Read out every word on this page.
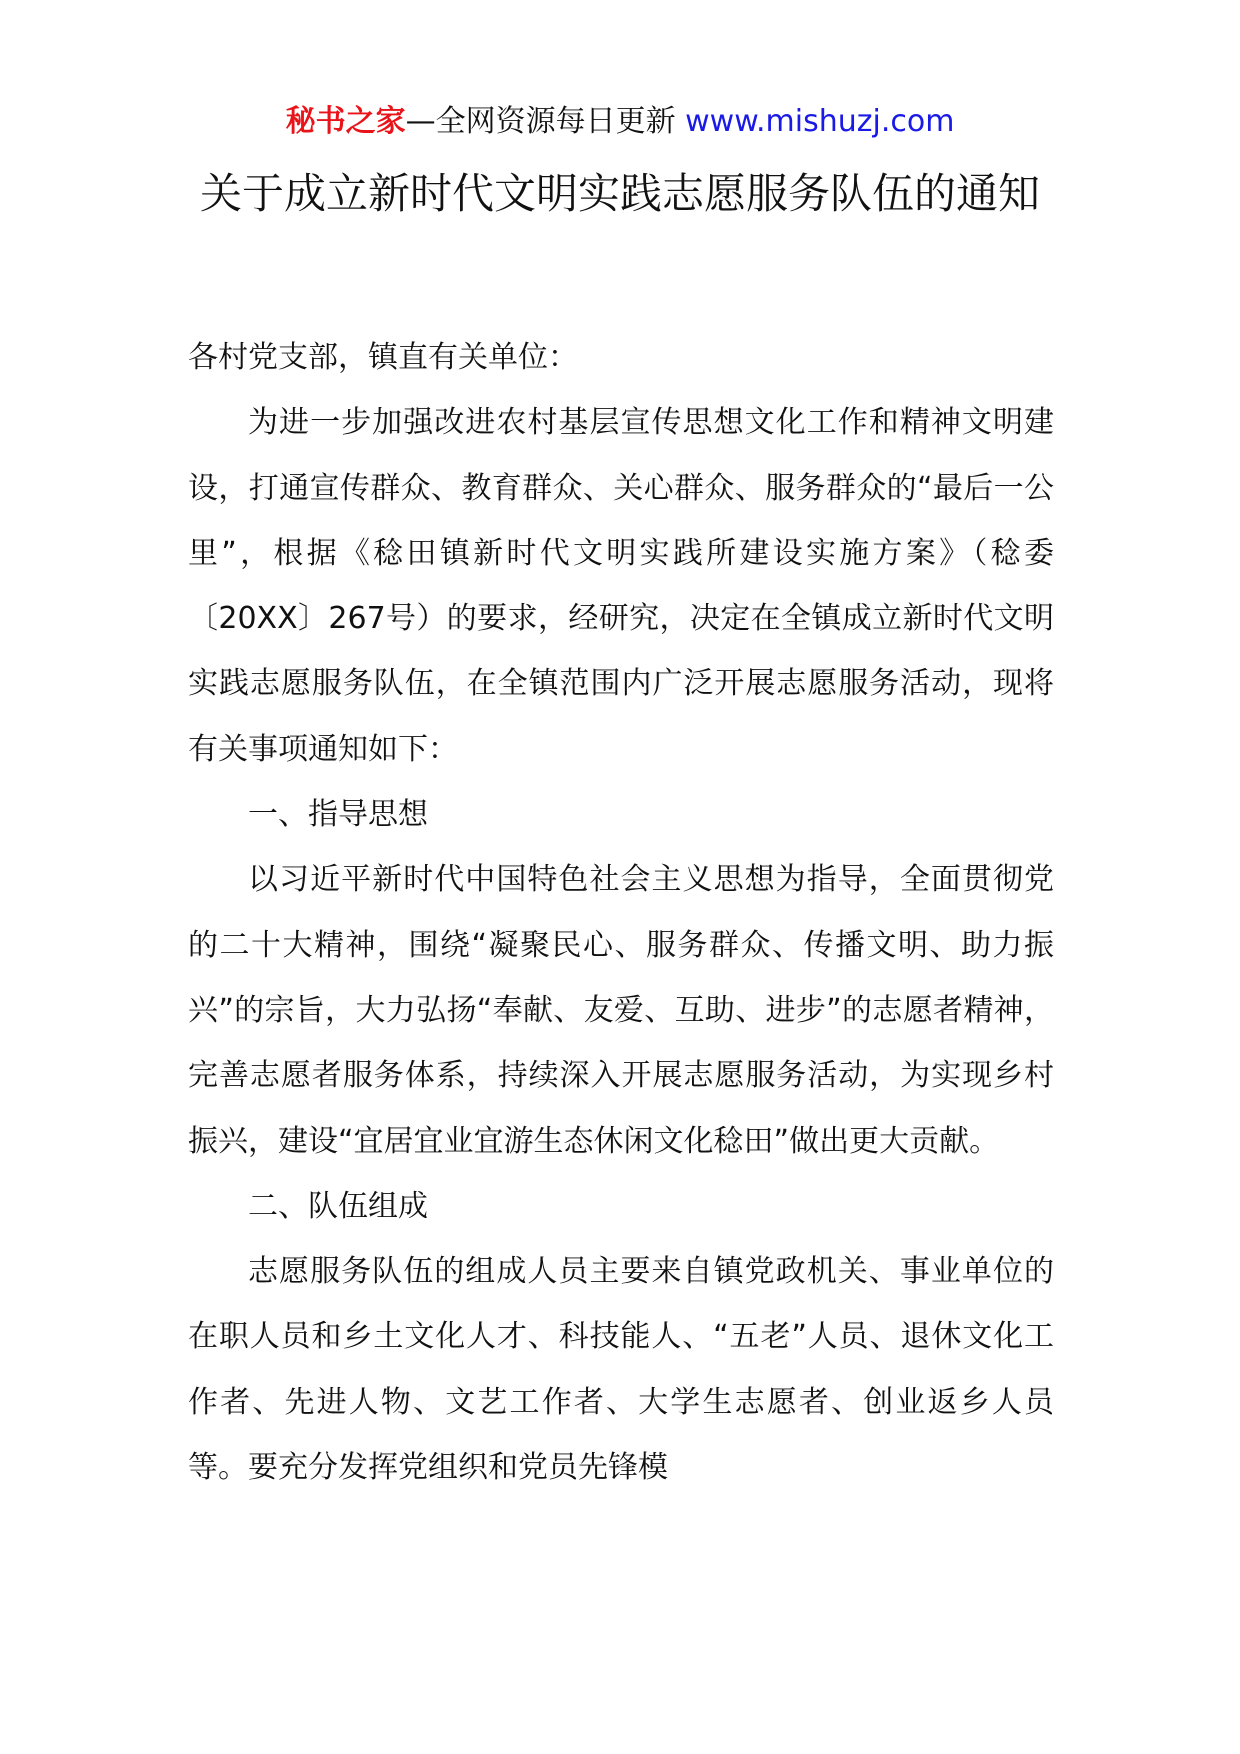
秘书之家—全网资源每日更新 www.mishuzj.com
关于成立新时代文明实践志愿服务队伍的通知

各村党支部，镇直有关单位：

为进一步加强改进农村基层宣传思想文化工作和精神文明建设，打通宣传群众、教育群众、关心群众、服务群众的“最后一公里”，根据《稔田镇新时代文明实践所建设实施方案》（稔委〔20XX〕267号）的要求，经研究，决定在全镇成立新时代文明实践志愿服务队伍，在全镇范围内广泛开展志愿服务活动，现将有关事项通知如下：

一、指导思想

以习近平新时代中国特色社会主义思想为指导，全面贯彻党的二十大精神，围绕“凝聚民心、服务群众、传播文明、助力振兴”的宗旨，大力弘扬“奉献、友爱、互助、进步”的志愿者精神，完善志愿者服务体系，持续深入开展志愿服务活动，为实现乡村振兴，建设“宜居宜业宜游生态休闲文化稔田”做出更大贡献。

二、队伍组成

志愿服务队伍的组成人员主要来自镇党政机关、事业单位的在职人员和乡土文化人才、科技能人、“五老”人员、退休文化工作者、先进人物、文艺工作者、大学生志愿者、创业返乡人员等。要充分发挥党组织和党员先锋模
